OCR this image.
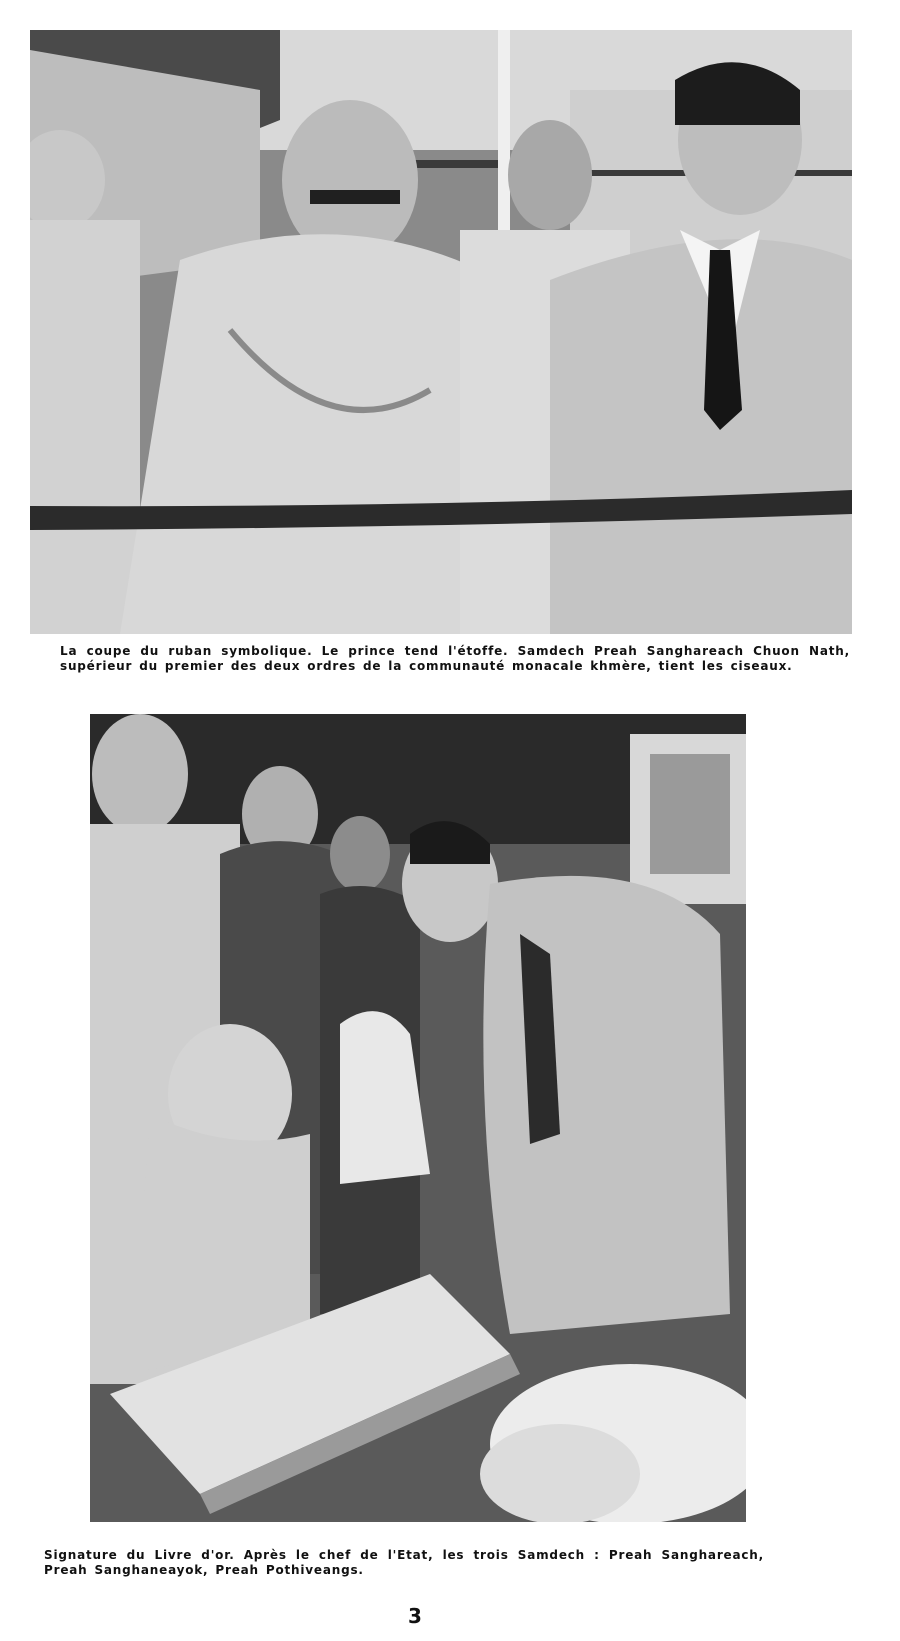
La coupe du ruban symbolique. Le prince tend l'étoffe. Samdech Preah Sanghareach Chuon Nath, supérieur du premier des deux ordres de la communauté monacale khmère, tient les ciseaux.
Signature du Livre d'or. Après le chef de l'Etat, les trois Samdech : Preah Sanghareach, Preah Sanghaneayok, Preah Pothiveangs.
3
